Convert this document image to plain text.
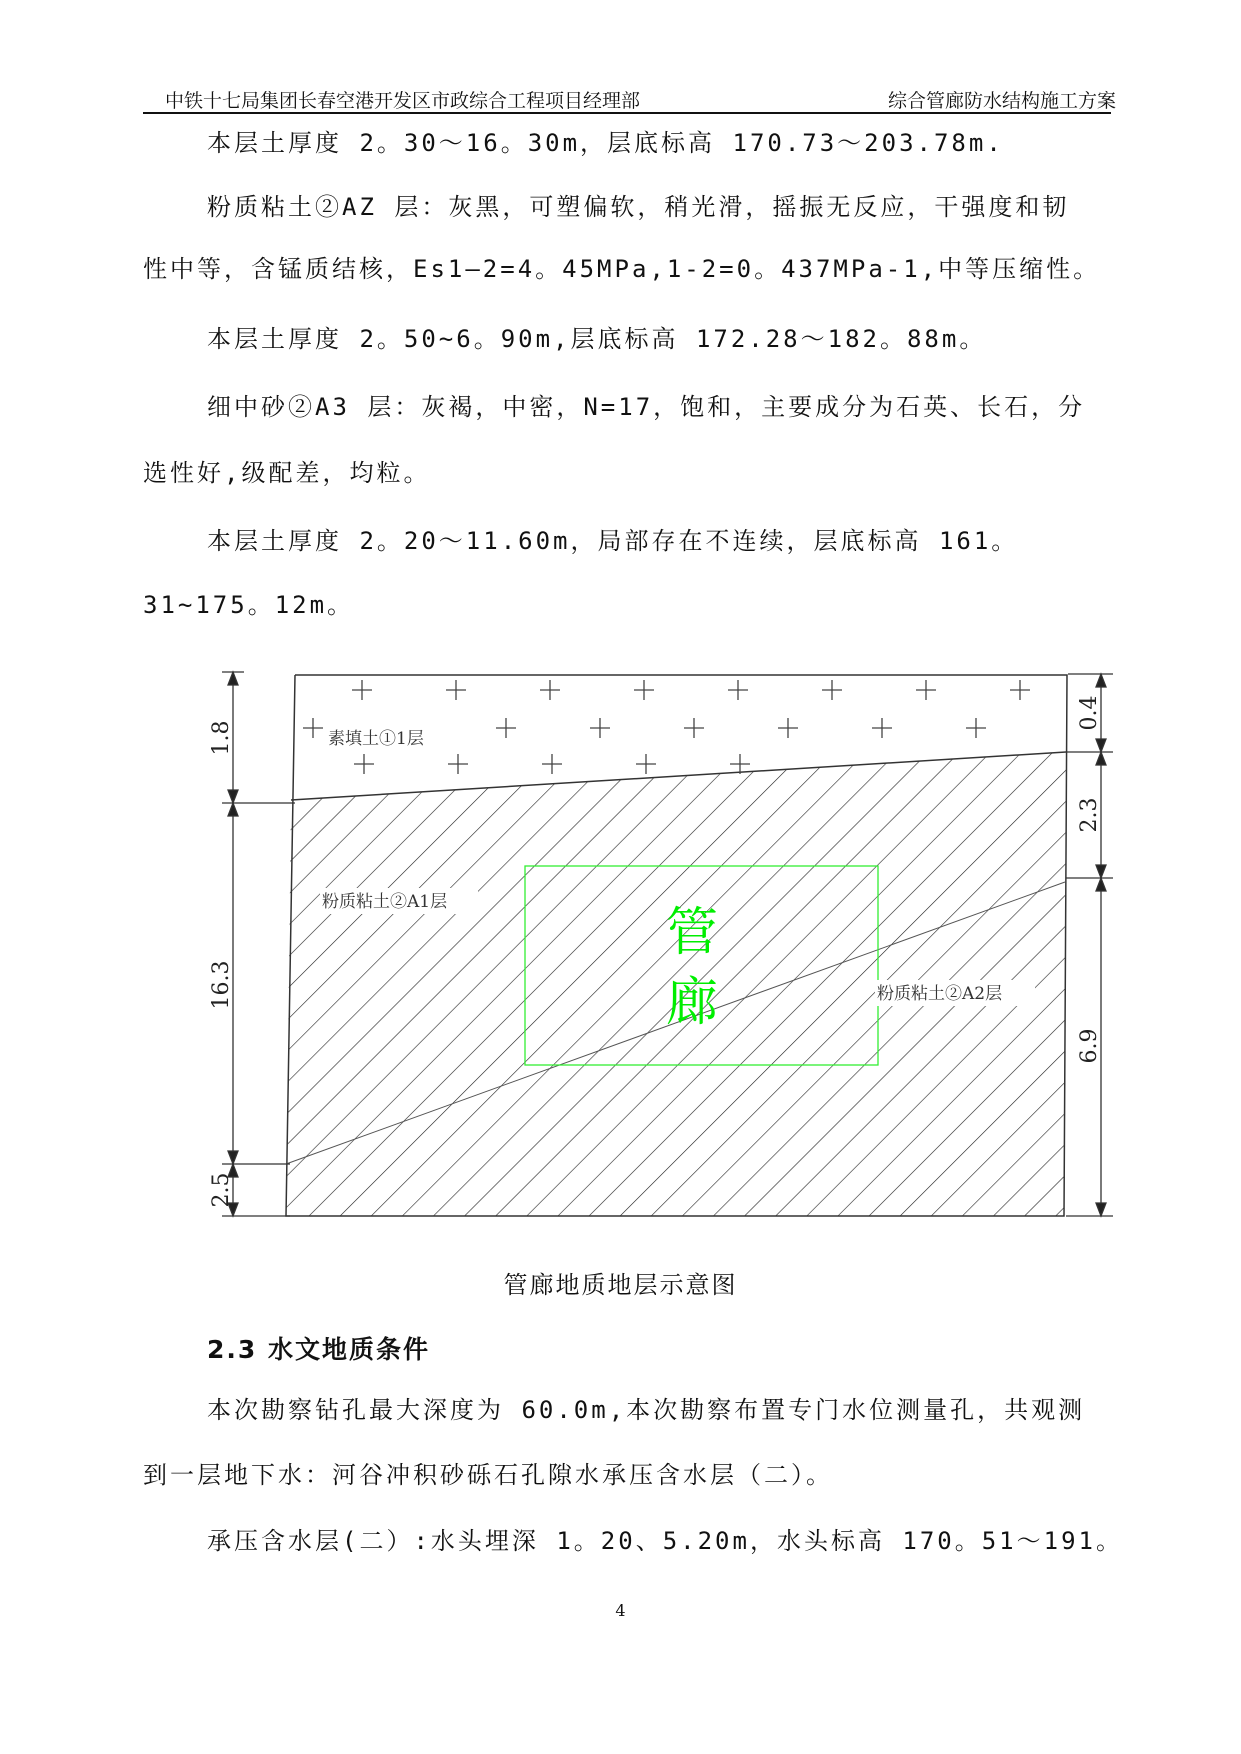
中铁十七局集团长春空港开发区市政综合工程项目经理部	综合管廊防水结构施工方案
本层土厚度 2。30～16。30m，层底标高 170.73～203.78m.
粉质粘土②AZ 层：灰黑，可塑偏软，稍光滑，摇振无反应，干强度和韧
性中等，含锰质结核，Es1—2=4。45MPa,1-2=0。437MPa-1,中等压缩性。
本层土厚度 2。50~6。90m,层底标高 172.28～182。88m。
细中砂②A3 层：灰褐，中密，N=17，饱和，主要成分为石英、长石，分
选性好,级配差，均粒。
本层土厚度 2。20～11.60m，局部存在不连续，层底标高 161。
31~175。12m。
管
廊
素填土①1层
粉质粘土②A1层
粉质粘土②A2层
1.8
16.3
2.5
0.4
2.3
6.9
管廊地质地层示意图
2.3 水文地质条件
本次勘察钻孔最大深度为 60.0m,本次勘察布置专门水位测量孔，共观测
到一层地下水：河谷冲积砂砾石孔隙水承压含水层（二）。
承压含水层(二）:水头埋深 1。20、5.20m，水头标高 170。51～191。
4
